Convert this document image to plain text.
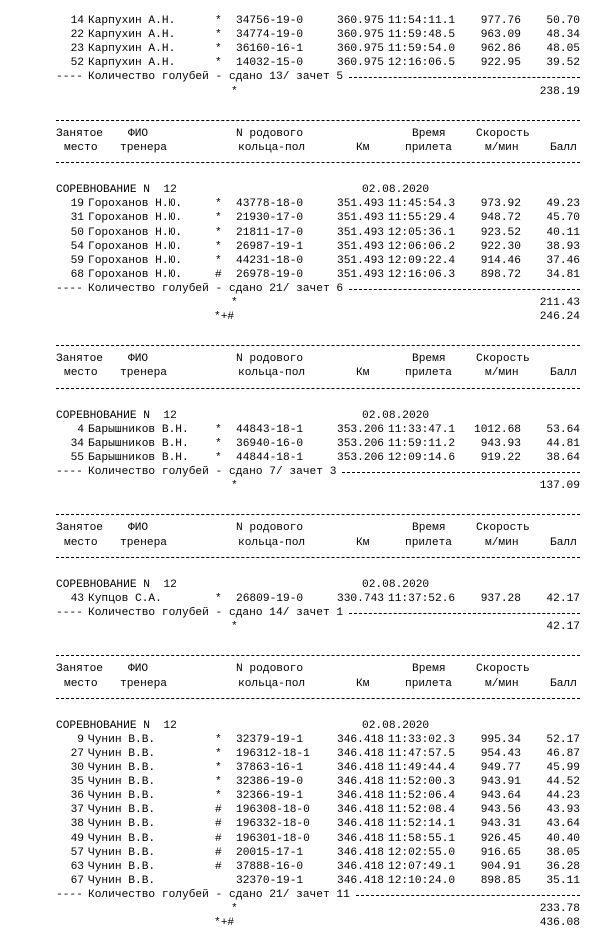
14 Карпухин А.Н.	* 34756-19-0	360.975 11:54:11.1	977.76	50.70
22 Карпухин А.Н.	* 34774-19-0	360.975 11:59:48.5	963.09	48.34
23 Карпухин А.Н.	* 36160-16-1	360.975 11:59:54.0	962.86	48.05
52 Карпухин А.Н.	* 14032-15-0	360.975 12:16:06.5	922.95	39.52
---- Количество голубей - сдано 13/ зачет 5
*	238.19
Занятое ФИО	N родового	Время	Скорость
место тренера	кольца-пол	Км	прилета	м/мин	Балл
СОРЕВНОВАНИЕ N  12	02.08.2020
19 Гороханов Н.Ю.	* 43778-18-0	351.493 11:45:54.3	973.92	49.23
31 Гороханов Н.Ю.	* 21930-17-0	351.493 11:55:29.4	948.72	45.70
50 Гороханов Н.Ю.	* 21811-17-0	351.493 12:05:36.1	923.52	40.11
54 Гороханов Н.Ю.	* 26987-19-1	351.493 12:06:06.2	922.30	38.93
59 Гороханов Н.Ю.	* 44231-18-0	351.493 12:09:22.4	914.46	37.46
68 Гороханов Н.Ю.	# 26978-19-0	351.493 12:16:06.3	898.72	34.81
---- Количество голубей - сдано 21/ зачет 6
*	211.43
*+#	246.24
Занятое ФИО	N родового	Время	Скорость
место тренера	кольца-пол	Км	прилета	м/мин	Балл
СОРЕВНОВАНИЕ N  12	02.08.2020
4 Барышников В.Н. * 44843-18-1	353.206 11:33:47.1	1012.68	53.64
34 Барышников В.Н. * 36940-16-0	353.206 11:59:11.2	943.93	44.81
55 Барышников В.Н. * 44844-18-1	353.206 12:09:14.6	919.22	38.64
---- Количество голубей - сдано 7/ зачет 3
*	137.09
Занятое ФИО	N родового	Время	Скорость
место тренера	кольца-пол	Км	прилета	м/мин	Балл
СОРЕВНОВАНИЕ N  12	02.08.2020
43 Купцов С.А.	* 26809-19-0	330.743 11:37:52.6	937.28	42.17
---- Количество голубей - сдано 14/ зачет 1
*	42.17
Занятое ФИО	N родового	Время	Скорость
место тренера	кольца-пол	Км	прилета	м/мин	Балл
СОРЕВНОВАНИЕ N  12	02.08.2020
9 Чунин В.В.	* 32379-19-1	346.418 11:33:02.3	995.34	52.17
27 Чунин В.В.	* 196312-18-1	346.418 11:47:57.5	954.43	46.87
30 Чунин В.В.	* 37863-16-1	346.418 11:49:44.4	949.77	45.99
35 Чунин В.В.	* 32386-19-0	346.418 11:52:00.3	943.91	44.52
36 Чунин В.В.	* 32366-19-1	346.418 11:52:06.4	943.64	44.23
37 Чунин В.В.	# 196308-18-0	346.418 11:52:08.4	943.56	43.93
38 Чунин В.В.	# 196332-18-0	346.418 11:52:14.1	943.31	43.64
49 Чунин В.В.	# 196301-18-0	346.418 11:58:55.1	926.45	40.40
57 Чунин В.В.	# 20015-17-1	346.418 12:02:55.0	916.65	38.05
63 Чунин В.В.	# 37888-16-0	346.418 12:07:49.1	904.91	36.28
67 Чунин В.В.	32370-19-1	346.418 12:10:24.0	898.85	35.11
---- Количество голубей - сдано 21/ зачет 11
*	233.78
*+#	436.08
